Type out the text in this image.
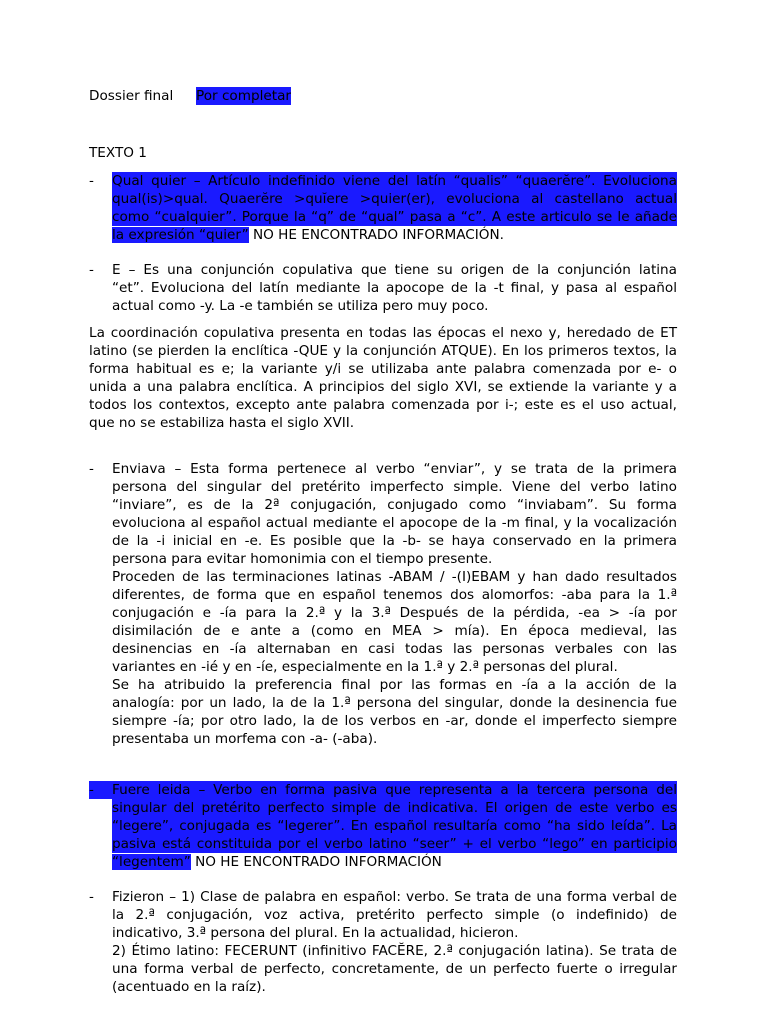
Dossier final Por completar
TEXTO 1
- Qual quier – Artículo indefinido viene del latín “qualis” “quaerĕre”. Evoluciona
qual(is)>qual. Quaerĕre >quĭere >quier(er), evolucionа al castellano actual
como “cualquier”. Porque la “q” de “qual” pasa a “c”. A este articulo se le añade
la expresión “quier” NO HE ENCONTRADO INFORMACIÓN.
- E – Es una conjunción copulativa que tiene su origen de la conjunción latina
“et”. Evoluciona del latín mediante la apocope de la -t final, y pasa al español
actual como -y. La -e también se utiliza pero muy poco.
La coordinación copulativa presenta en todas las épocas el nexo y, heredado de ET
latino (se pierden la enclítica -QUE y la conjunción ATQUE). En los primeros textos, la
forma habitual es e; la variante y/i se utilizaba ante palabra comenzada por e- o
unida a una palabra enclítica. A principios del siglo XVI, se extiende la variante y a
todos los contextos, excepto ante palabra comenzada por i-; este es el uso actual,
que no se estabiliza hasta el siglo XVII.
- Enviava – Esta forma pertenece al verbo “enviar”, y se trata de la primera
persona del singular del pretérito imperfecto simple. Viene del verbo latino
“inviare”, es de la 2ª conjugación, conjugado como “inviabam”. Su forma
evoluciona al español actual mediante el apocope de la -m final, y la vocalización
de la -i inicial en -e. Es posible que la -b- se haya conservado en la primera
persona para evitar homonimia con el tiempo presente.
Proceden de las terminaciones latinas -ABAM / -(I)EBAM y han dado resultados
diferentes, de forma que en español tenemos dos alomorfos: -aba para la 1.ª
conjugación e -ía para la 2.ª y la 3.ª Después de la pérdida, -ea > -ía por
disimilación de e ante a (como en MEA > mía). En época medieval, las
desinencias en -ía alternaban en casi todas las personas verbales con las
variantes en -ié y en -íe, especialmente en la 1.ª y 2.ª personas del plural.
Se ha atribuido la preferencia final por las formas en -ía a la acción de la
analogía: por un lado, la de la 1.ª persona del singular, donde la desinencia fue
siempre -ía; por otro lado, la de los verbos en -ar, donde el imperfecto siempre
presentaba un morfema con -a- (-aba).
-	Fuere leida – Verbo en forma pasiva que representa a la tercera persona del
singular del pretérito perfecto simple de indicativa. El origen de este verbo es
“legere”, conjugada es “legerer”. En español resultaría como “ha sido leída”. La
pasiva está constituida por el verbo latino “seer” + el verbo “lego” en participio
“legentem” NO HE ENCONTRADO INFORMACIÓN
- Fizieron – 1) Clase de palabra en español: verbo. Se trata de una forma verbal de
la 2.ª conjugación, voz activa, pretérito perfecto simple (o indefinido) de
indicativo, 3.ª persona del plural. En la actualidad, hicieron.
2) Étimo latino: FECERUNT (infinitivo FACĔRE, 2.ª conjugación latina). Se trata de
una forma verbal de perfecto, concretamente, de un perfecto fuerte o irregular
(acentuado en la raíz).
